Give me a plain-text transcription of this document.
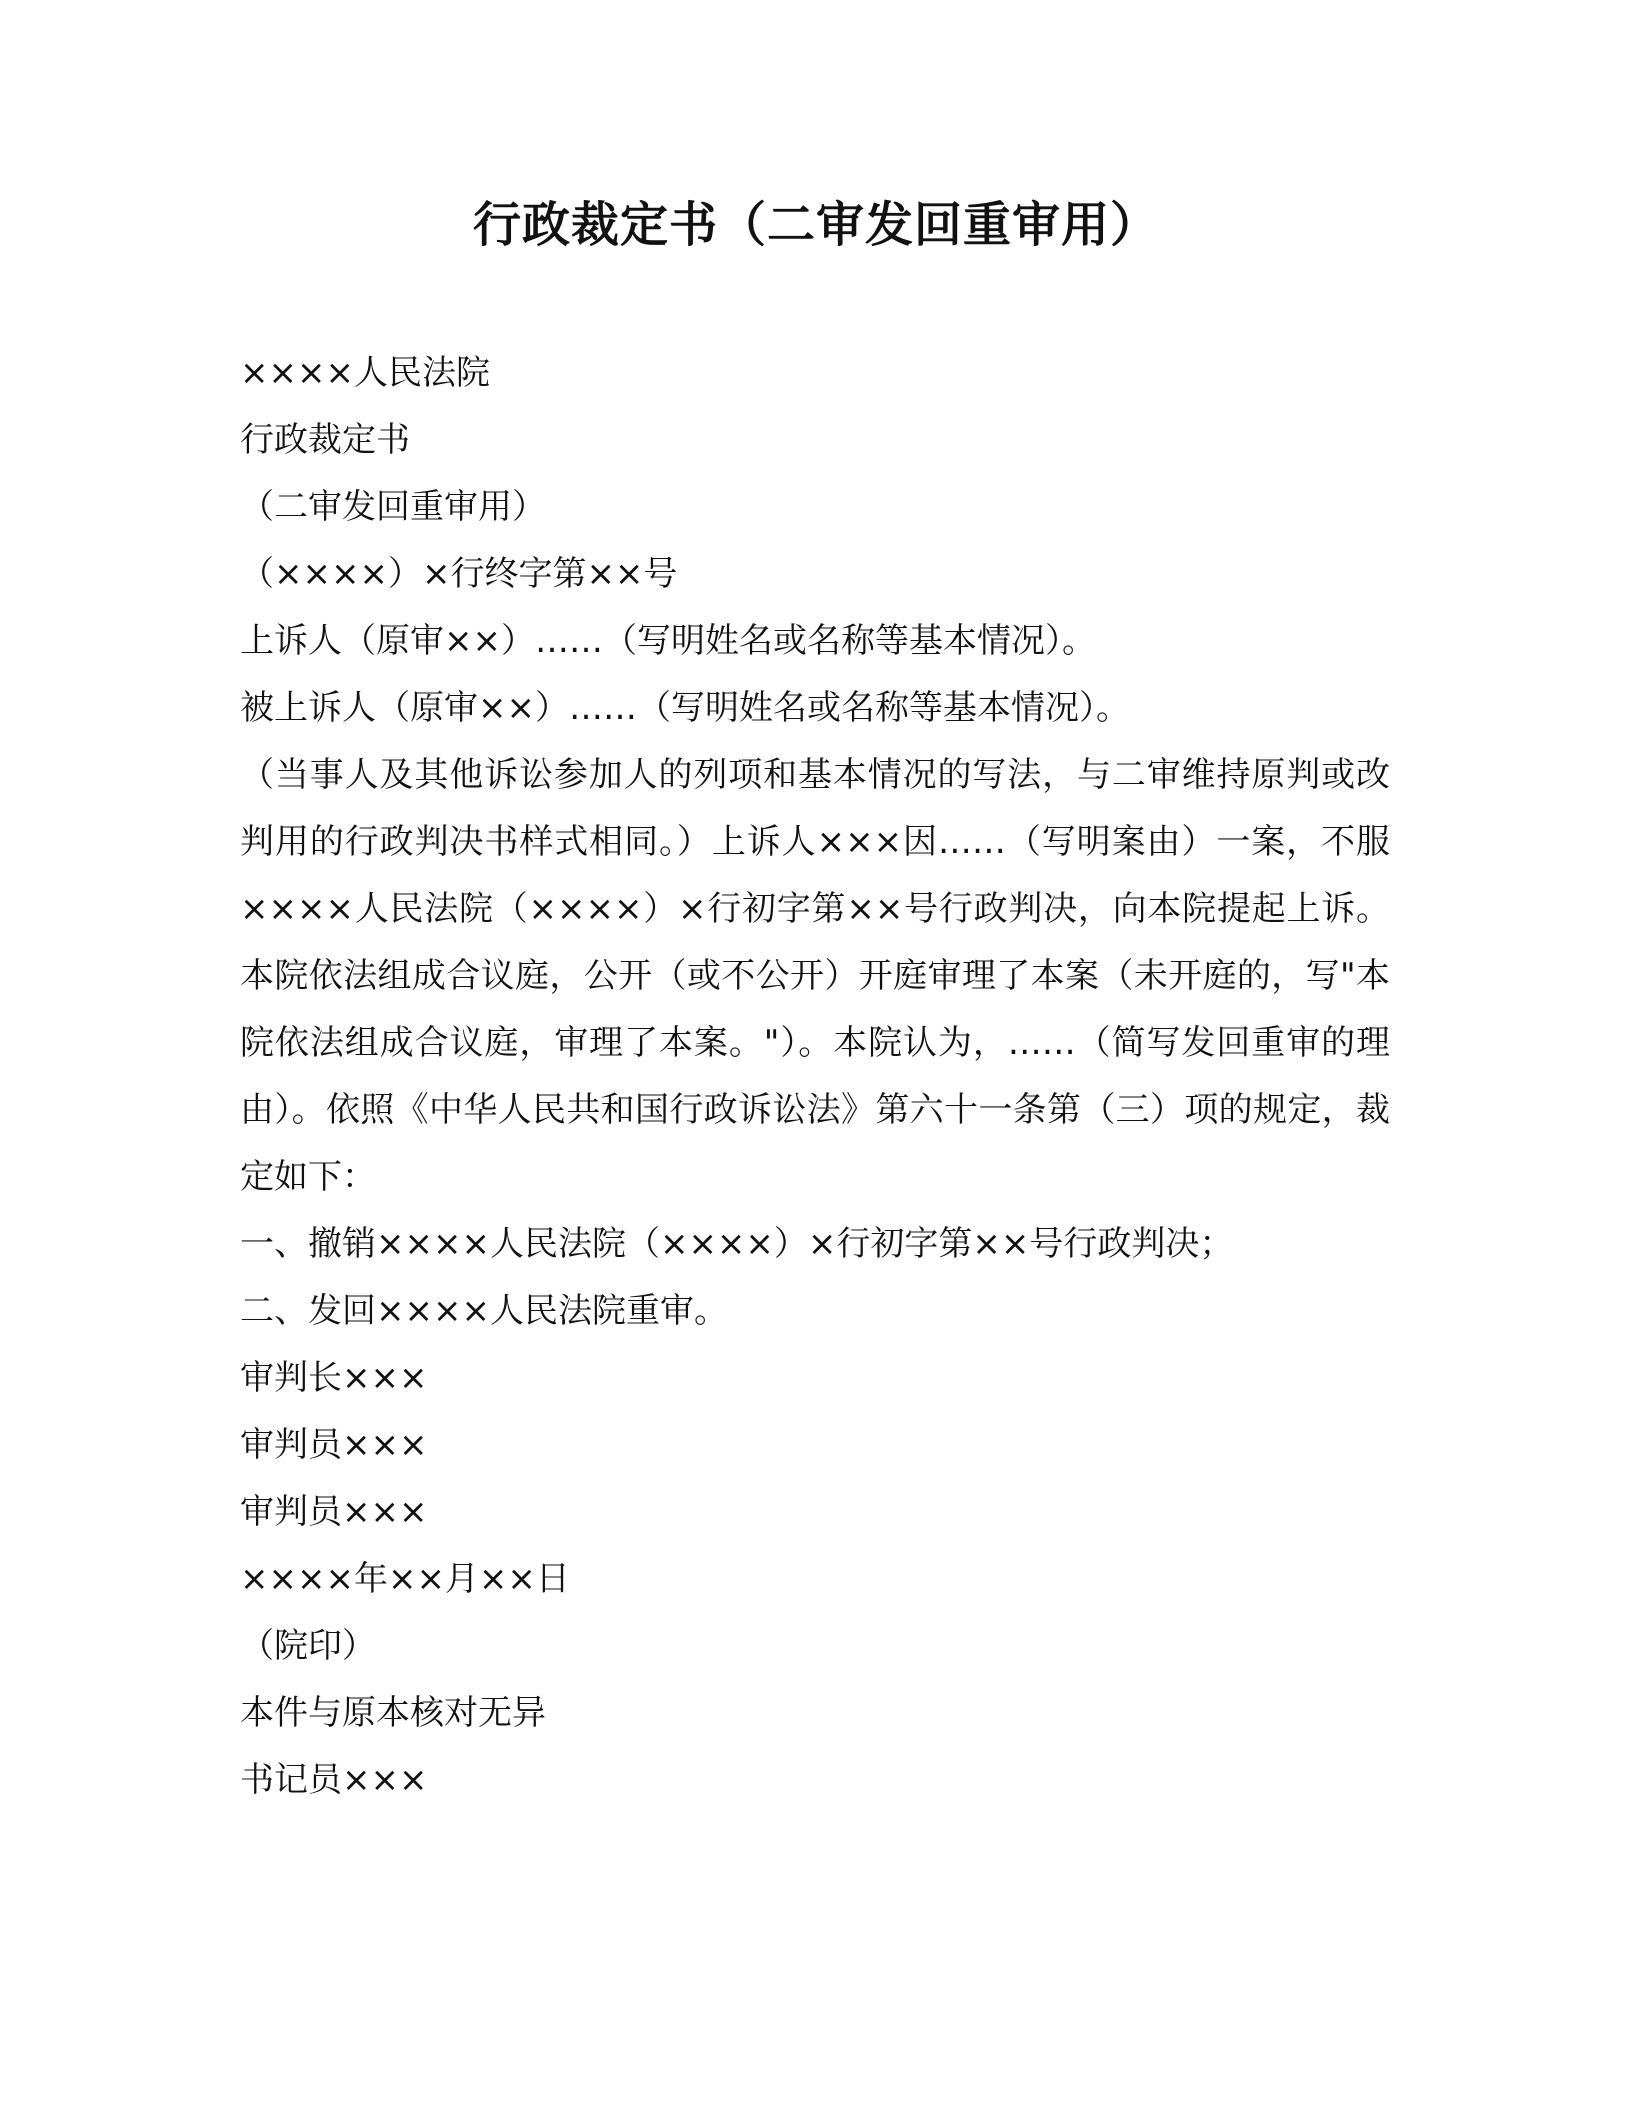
行政裁定书（二审发回重审用）
××××人民法院
行政裁定书
（二审发回重审用）
（××××）×行终字第××号
上诉人（原审××）……（写明姓名或名称等基本情况）。
被上诉人（原审××）……（写明姓名或名称等基本情况）。
（当事人及其他诉讼参加人的列项和基本情况的写法，与二审维持原判或改判用的行政判决书样式相同。）上诉人×××因……（写明案由）一案，不服××××人民法院（××××）×行初字第××号行政判决，向本院提起上诉。本院依法组成合议庭，公开（或不公开）开庭审理了本案（未开庭的，写"本院依法组成合议庭，审理了本案。"）。本院认为，……（简写发回重审的理由）。依照《中华人民共和国行政诉讼法》第六十一条第（三）项的规定，裁定如下：
一、撤销××××人民法院（××××）×行初字第××号行政判决；
二、发回××××人民法院重审。
审判长×××
审判员×××
审判员×××
××××年××月××日
（院印）
本件与原本核对无异
书记员×××
